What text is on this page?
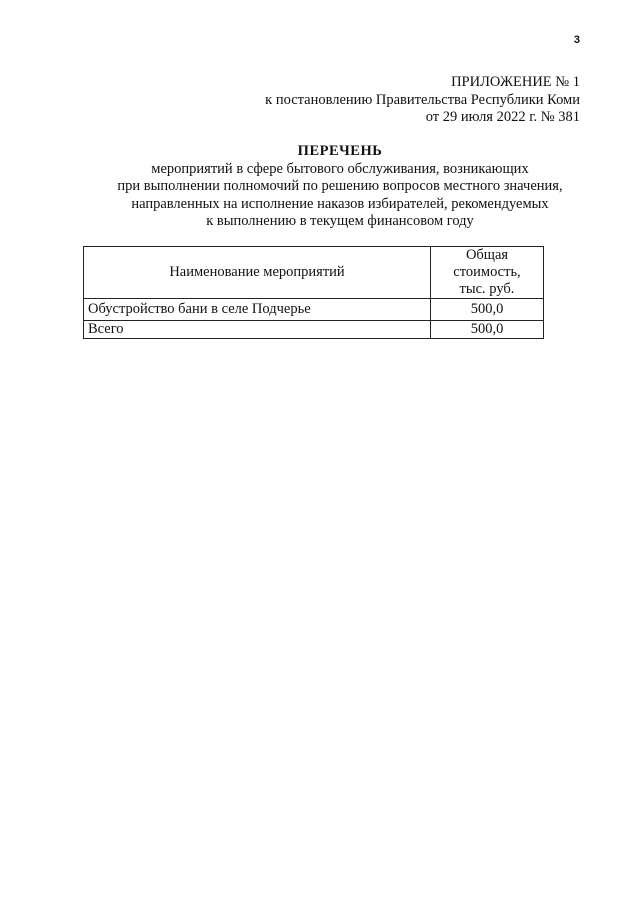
3
ПРИЛОЖЕНИЕ № 1
к постановлению Правительства Республики Коми
от 29 июля 2022 г. № 381
ПЕРЕЧЕНЬ
мероприятий в сфере бытового обслуживания, возникающих
при выполнении полномочий по решению вопросов местного значения,
направленных на исполнение наказов избирателей, рекомендуемых
к выполнению в текущем финансовом году
Наименование мероприятий	Общая
стоимость,
тыс. руб.

Обустройство бани в селе Подчерье	500,0
Всего	500,0
